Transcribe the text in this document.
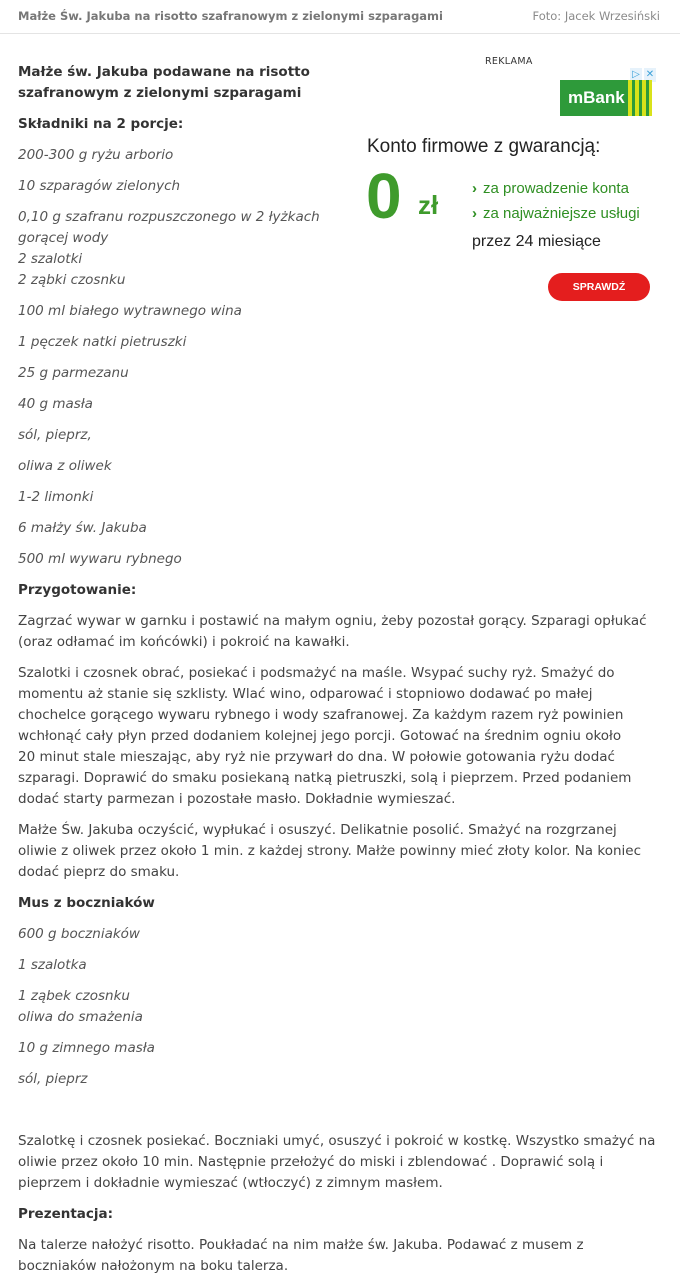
Małże Św. Jakuba na risotto szafranowym z zielonymi szparagami	Foto: Jacek Wrzesiński
REKLAMA
▷ ✕
mBank
Konto firmowe z gwarancją:
0 zł
› za prowadzenie konta
› za najważniejsze usługi
przez 24 miesiące
SPRAWDŹ

Małże św. Jakuba podawane na risotto

szafranowym z zielonymi szparagami

Składniki na 2 porcje:

200-300 g ryżu arborio

10 szparagów zielonych

0,10 g szafranu rozpuszczonego w 2 łyżkach

gorącej wody

2 szalotki

2 ząbki czosnku

100 ml białego wytrawnego wina

1 pęczek natki pietruszki

25 g parmezanu

40 g masła

sól, pieprz,

oliwa z oliwek

1-2 limonki

6 małży św. Jakuba

500 ml wywaru rybnego

Przygotowanie:

Zagrzać wywar w garnku i postawić na małym ogniu, żeby pozostał gorący. Szparagi opłukać

(oraz odłamać im końcówki) i pokroić na kawałki.

Szalotki i czosnek obrać, posiekać i podsmażyć na maśle. Wsypać suchy ryż. Smażyć do

momentu aż stanie się szklisty. Wlać wino, odparować i stopniowo dodawać po małej

chochelce gorącego wywaru rybnego i wody szafranowej. Za każdym razem ryż powinien

wchłonąć cały płyn przed dodaniem kolejnej jego porcji. Gotować na średnim ogniu około

20 minut stale mieszając, aby ryż nie przywarł do dna. W połowie gotowania ryżu dodać

szparagi. Doprawić do smaku posiekaną natką pietruszki, solą i pieprzem. Przed podaniem

dodać starty parmezan i pozostałe masło. Dokładnie wymieszać.

Małże Św. Jakuba oczyścić, wypłukać i osuszyć. Delikatnie posolić. Smażyć na rozgrzanej

oliwie z oliwek przez około 1 min. z każdej strony. Małże powinny mieć złoty kolor. Na koniec

dodać pieprz do smaku.

Mus z boczniaków

600 g boczniaków

1 szalotka

1 ząbek czosnku

oliwa do smażenia

10 g zimnego masła

sól, pieprz

Szalotkę i czosnek posiekać. Boczniaki umyć, osuszyć i pokroić w kostkę. Wszystko smażyć na

oliwie przez około 10 min. Następnie przełożyć do miski i zblendować . Doprawić solą i

pieprzem i dokładnie wymieszać (wtłoczyć) z zimnym masłem.

Prezentacja:

Na talerze nałożyć risotto. Poukładać na nim małże św. Jakuba. Podawać z musem z

boczniaków nałożonym na boku talerza.
